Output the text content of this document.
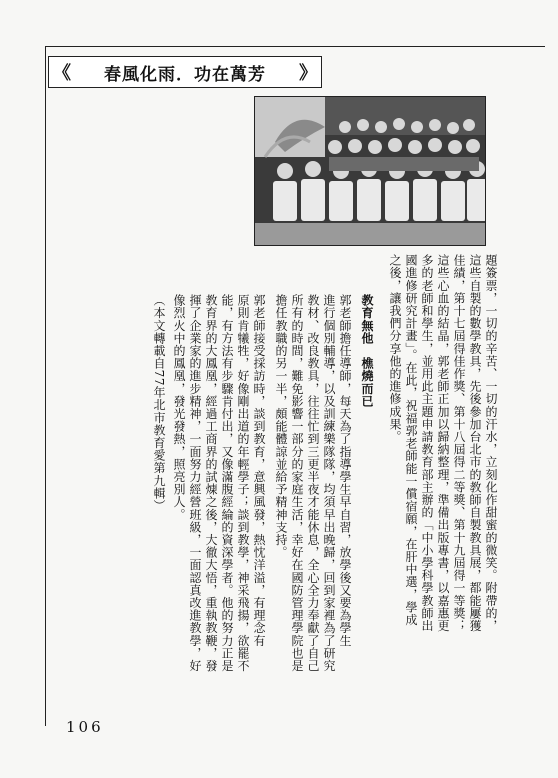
《	春風化雨．功在萬芳	》
題簽票，一切的辛苦、一切的汗水，立刻化作甜蜜的微笑。附帶的，
這些自製的數學教具，先後參加台北市的教師自製教具展，都能屢獲
佳績，第十七屆得佳作獎、第十八屆得二等獎、第十九屆得一等獎；
這些心血的結晶，郭老師正加以歸納整理，準備出版專書，以嘉惠更
多的老師和學生，並用此主題申請教育部主辦的「中小學科學教師出
國進修研究計畫」。在此，祝福郭老師能一償宿願，在肝中選，學成
之後，讓我們分享他的進修成果。
教育無他　樵燒而已
郭老師擔任導師，每天為了指導學生早自習，放學後又要為學生
進行個別輔導，以及訓練樂隊隊，均須早出晚歸，回到家裡為了研究
教材、改良教具，往往忙到三更半夜才能休息，全心全力奉獻了自己
所有的時間，難免影響一部分的家庭生活，幸好在國防管理學院也是
擔任教職的另一半，頗能體諒並給予精神支持。
郭老師接受採訪時，談到教育，意興風發，熱忱洋溢，有理念有
原則肯犧牲，好像剛出道的年輕學子；談到教學，神采飛揚，欲罷不
能，有方法有步驟肯付出，又像滿腹經綸的資深學者。他的努力正是
教育界的大鳳凰，經過工商界的試煉之後，大徹大悟，重執教鞭，發
揮了企業家的進步精神，一面努力經營班級，一面認真改進教學，好
像烈火中的鳳凰，發光發熱，照亮別人。
（本文轉載自77年北市教育愛第九輯）
106
